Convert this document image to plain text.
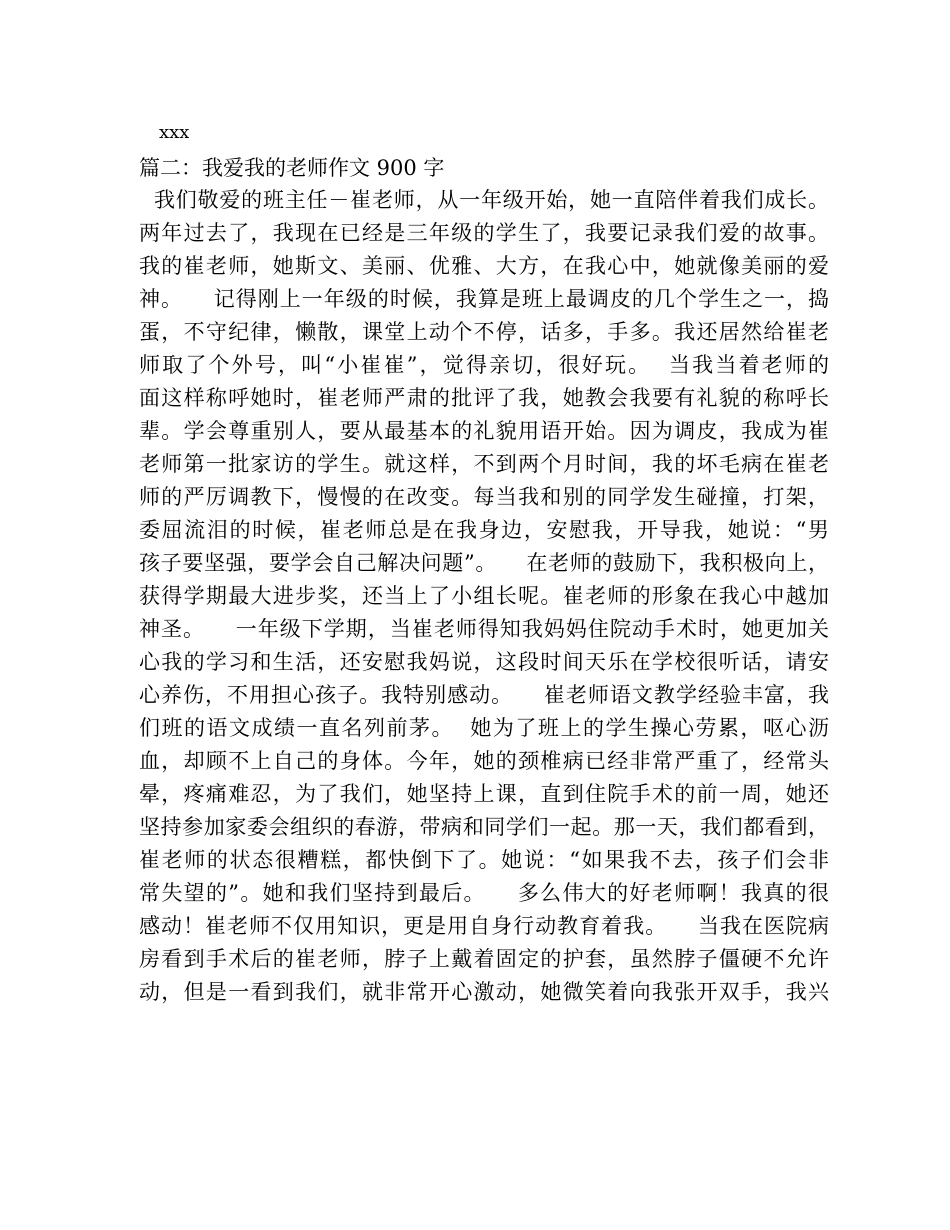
xxx
篇二：我爱我的老师作文 900 字
我们敬爱的班主任－崔老师，从一年级开始，她一直陪伴着我们成长。
两年过去了，我现在已经是三年级的学生了，我要记录我们爱的故事。
我的崔老师，她斯文、美丽、优雅、大方，在我心中，她就像美丽的爱
神。    记得刚上一年级的时候，我算是班上最调皮的几个学生之一，捣
蛋，不守纪律，懒散，课堂上动个不停，话多，手多。我还居然给崔老
师取了个外号，叫“小崔崔”，觉得亲切，很好玩。  当我当着老师的
面这样称呼她时，崔老师严肃的批评了我，她教会我要有礼貌的称呼长
辈。学会尊重别人，要从最基本的礼貌用语开始。因为调皮，我成为崔
老师第一批家访的学生。就这样，不到两个月时间，我的坏毛病在崔老
师的严厉调教下，慢慢的在改变。每当我和别的同学发生碰撞，打架，
委屈流泪的时候，崔老师总是在我身边，安慰我，开导我，她说：“男
孩子要坚强，要学会自己解决问题”。    在老师的鼓励下，我积极向上，
获得学期最大进步奖，还当上了小组长呢。崔老师的形象在我心中越加
神圣。    一年级下学期，当崔老师得知我妈妈住院动手术时，她更加关
心我的学习和生活，还安慰我妈说，这段时间天乐在学校很听话，请安
心养伤，不用担心孩子。我特别感动。    崔老师语文教学经验丰富，我
们班的语文成绩一直名列前茅。  她为了班上的学生操心劳累，呕心沥
血，却顾不上自己的身体。今年，她的颈椎病已经非常严重了，经常头
晕，疼痛难忍，为了我们，她坚持上课，直到住院手术的前一周，她还
坚持参加家委会组织的春游，带病和同学们一起。那一天，我们都看到，
崔老师的状态很糟糕，都快倒下了。她说：“如果我不去，孩子们会非
常失望的”。她和我们坚持到最后。    多么伟大的好老师啊！我真的很
感动！崔老师不仅用知识，更是用自身行动教育着我。    当我在医院病
房看到手术后的崔老师，脖子上戴着固定的护套，虽然脖子僵硬不允许
动，但是一看到我们，就非常开心激动，她微笑着向我张开双手，我兴
